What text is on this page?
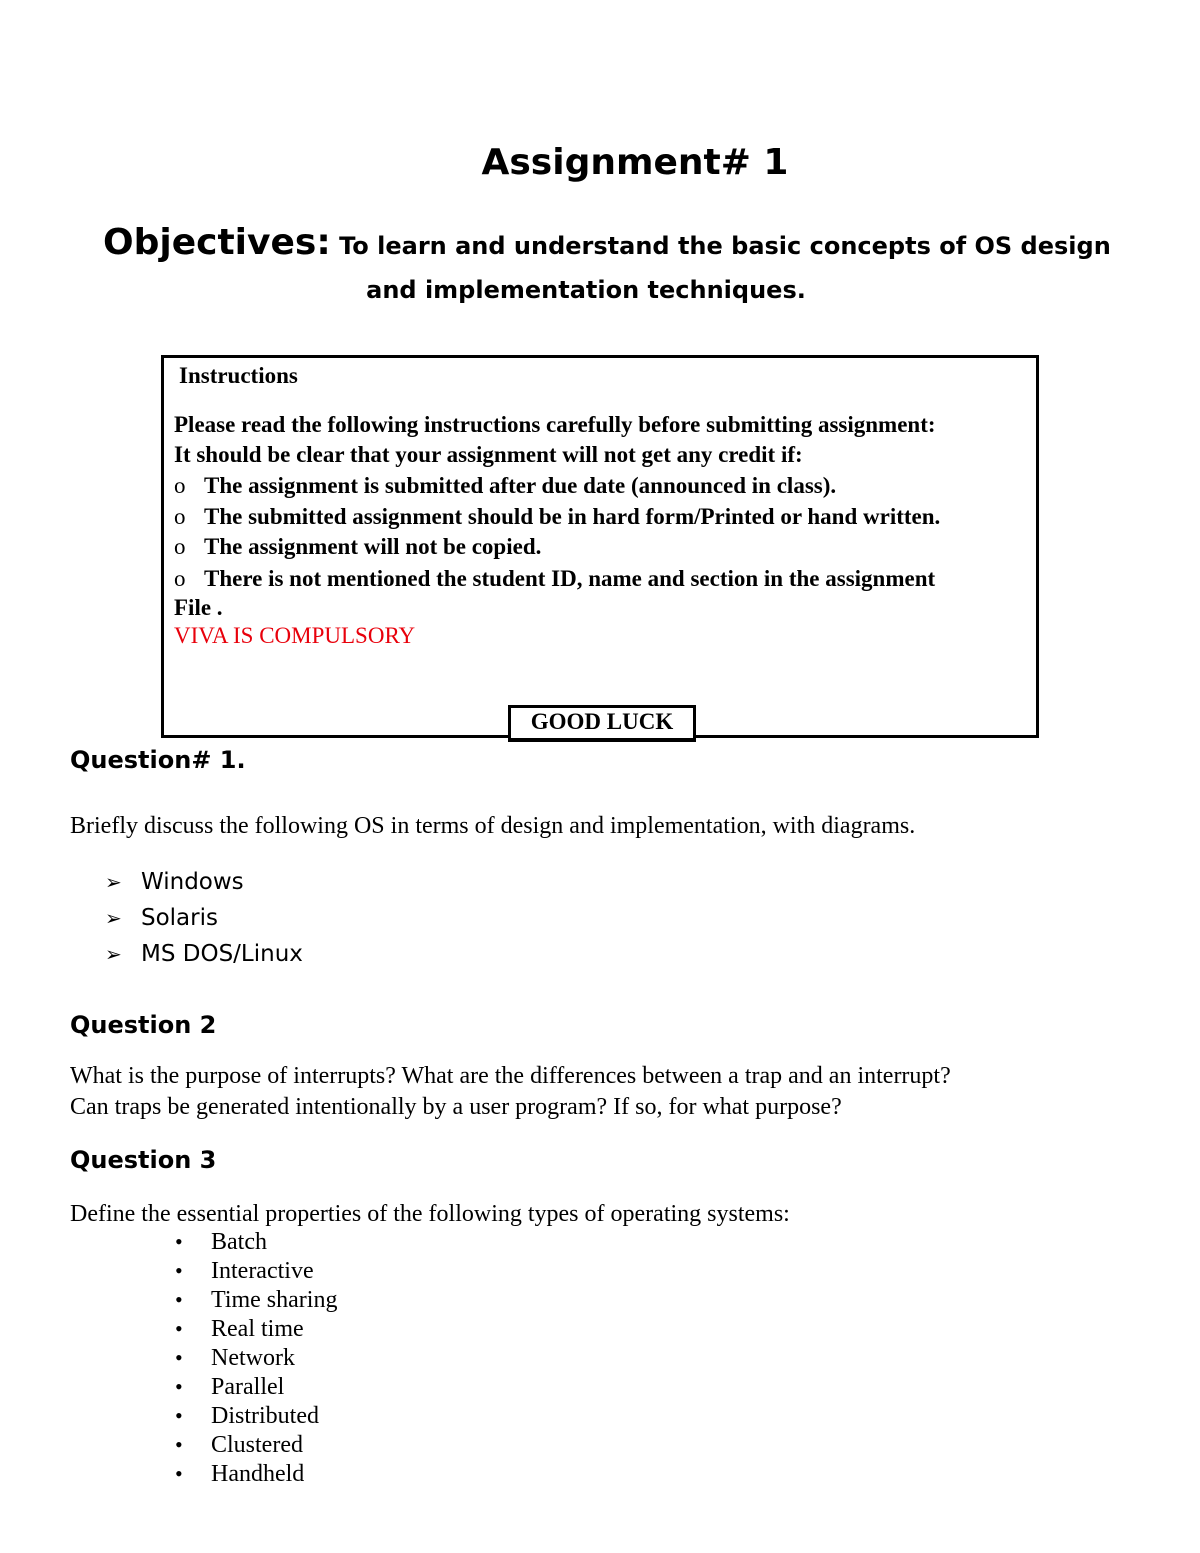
Assignment# 1
Objectives: To learn and understand the basic concepts of OS design
and implementation techniques.
Instructions
Please read the following instructions carefully before submitting assignment:
It should be clear that your assignment will not get any credit if:
o The assignment is submitted after due date (announced in class).
o The submitted assignment should be in hard form/Printed or hand written.
o The assignment will not be copied.
o There is not mentioned the student ID, name and section in the assignment
File .
VIVA IS COMPULSORY
GOOD LUCK
Question# 1.
Briefly discuss the following OS in terms of design and implementation, with diagrams.
➢ Windows
➢ Solaris
➢ MS DOS/Linux
Question 2
What is the purpose of interrupts? What are the differences between a trap and an interrupt?
Can traps be generated intentionally by a user program? If so, for what purpose?
Question 3
Define the essential properties of the following types of operating systems:
• Batch
• Interactive
• Time sharing
• Real time
• Network
• Parallel
• Distributed
• Clustered
• Handheld
